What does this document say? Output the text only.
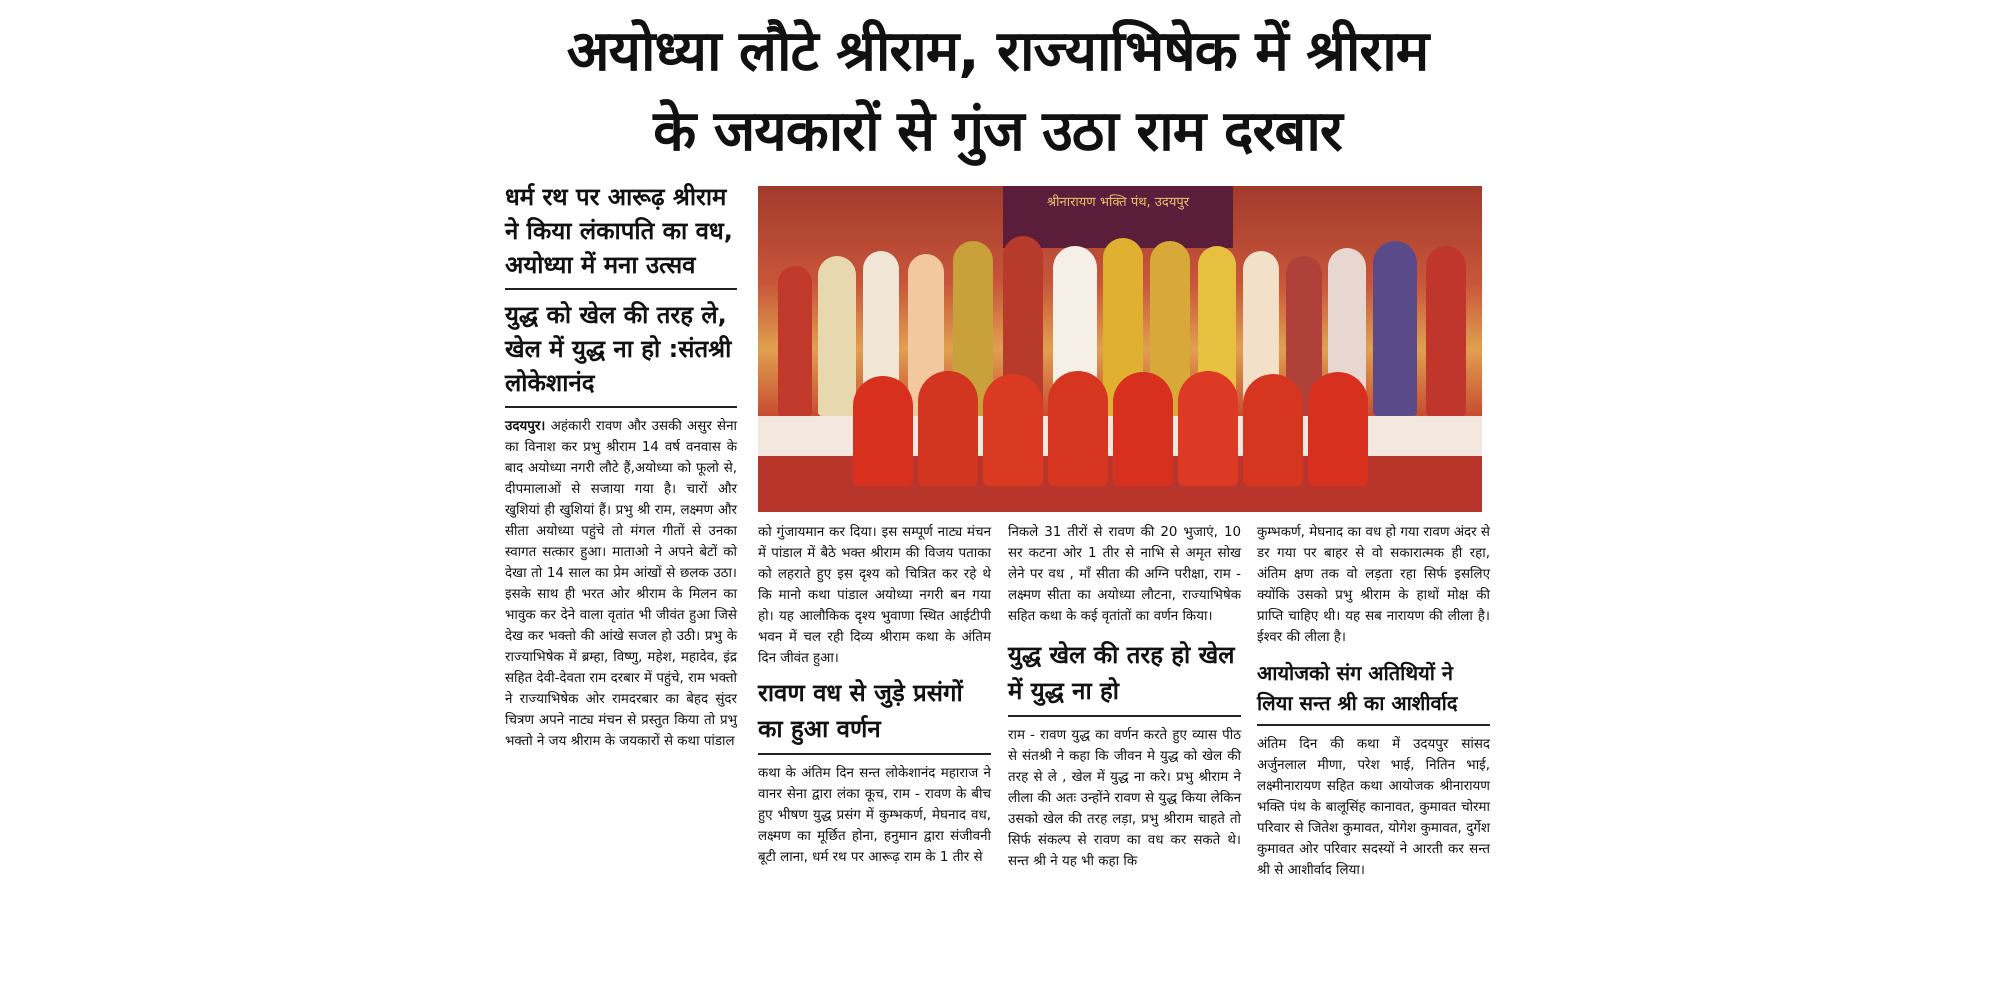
अयोध्या लौटे श्रीराम, राज्याभिषेक में श्रीराम
के जयकारों से गुंज उठा राम दरबार

धर्म रथ पर आरूढ़ श्रीराम ने किया लंकापति का वध, अयोध्या में मना उत्सव

युद्ध को खेल की तरह ले, खेल में युद्ध ना हो :संतश्री लोकेशानंद

उदयपुर। अहंकारी रावण और उसकी असुर सेना का विनाश कर प्रभु श्रीराम 14 वर्ष वनवास के बाद अयोध्या नगरी लौटे हैं,अयोध्या को फूलो से, दीपमालाओं से सजाया गया है। चारों और खुशियां ही खुशियां हैं। प्रभु श्री राम, लक्ष्मण और सीता अयोध्या पहुंचे तो मंगल गीतों से उनका स्वागत सत्कार हुआ। माताओ ने अपने बेटों को देखा तो 14 साल का प्रेम आंखों से छलक उठा। इसके साथ ही भरत ओर श्रीराम के मिलन का भावुक कर देने वाला वृतांत भी जीवंत हुआ जिसे देख कर भक्तो की आंखे सजल हो उठी। प्रभु के राज्याभिषेक में ब्रम्हा, विष्णु, महेश, महादेव, इंद्र सहित देवी-देवता राम दरबार में पहुंचे, राम भक्तो ने राज्याभिषेक ओर रामदरबार का बेहद सुंदर चित्रण अपने नाट्य मंचन से प्रस्तुत किया तो प्रभु भक्तो ने जय श्रीराम के जयकारों से कथा पांडाल

श्रीनारायण भक्ति पंथ, उदयपुर

को गुंजायमान कर दिया। इस सम्पूर्ण नाट्य मंचन में पांडाल में बैठे भक्त श्रीराम की विजय पताका को लहराते हुए इस दृश्य को चित्रित कर रहे थे कि मानो कथा पांडाल अयोध्या नगरी बन गया हो। यह आलौकिक दृश्य भुवाणा स्थित आईटीपी भवन में चल रही दिव्य श्रीराम कथा के अंतिम दिन जीवंत हुआ।

रावण वध से जुड़े प्रसंगों का हुआ वर्णन

कथा के अंतिम दिन सन्त लोकेशानंद महाराज ने वानर सेना द्वारा लंका कूच, राम - रावण के बीच हुए भीषण युद्ध प्रसंग में कुम्भकर्ण, मेघनाद वध, लक्ष्मण का मूर्छित होना, हनुमान द्वारा संजीवनी बूटी लाना, धर्म रथ पर आरूढ़ राम के 1 तीर से

निकले 31 तीरों से रावण की 20 भुजाएं, 10 सर कटना ओर 1 तीर से नाभि से अमृत सोख लेने पर वध , माँ सीता की अग्नि परीक्षा, राम - लक्ष्मण सीता का अयोध्या लौटना, राज्याभिषेक सहित कथा के कई वृतांतों का वर्णन किया।

युद्ध खेल की तरह हो खेल में युद्ध ना हो

राम - रावण युद्ध का वर्णन करते हुए व्यास पीठ से संतश्री ने कहा कि जीवन मे युद्ध को खेल की तरह से ले , खेल में युद्ध ना करे। प्रभु श्रीराम ने लीला की अतः उन्होंने रावण से युद्ध किया लेकिन उसको खेल की तरह लड़ा, प्रभु श्रीराम चाहते तो सिर्फ संकल्प से रावण का वध कर सकते थे। सन्त श्री ने यह भी कहा कि

कुम्भकर्ण, मेघनाद का वध हो गया रावण अंदर से डर गया पर बाहर से वो सकारात्मक ही रहा, अंतिम क्षण तक वो लड़ता रहा सिर्फ इसलिए क्योंकि उसको प्रभु श्रीराम के हाथों मोक्ष की प्राप्ति चाहिए थी। यह सब नारायण की लीला है। ईश्वर की लीला है।

आयोजको संग अतिथियों ने लिया सन्त श्री का आशीर्वाद

अंतिम दिन की कथा में उदयपुर सांसद अर्जुनलाल मीणा, परेश भाई, नितिन भाई, लक्ष्मीनारायण सहित कथा आयोजक श्रीनारायण भक्ति पंथ के बालूसिंह कानावत, कुमावत चोरमा परिवार से जितेश कुमावत, योगेश कुमावत, दुर्गेश कुमावत ओर परिवार सदस्यों ने आरती कर सन्त श्री से आशीर्वाद लिया।
